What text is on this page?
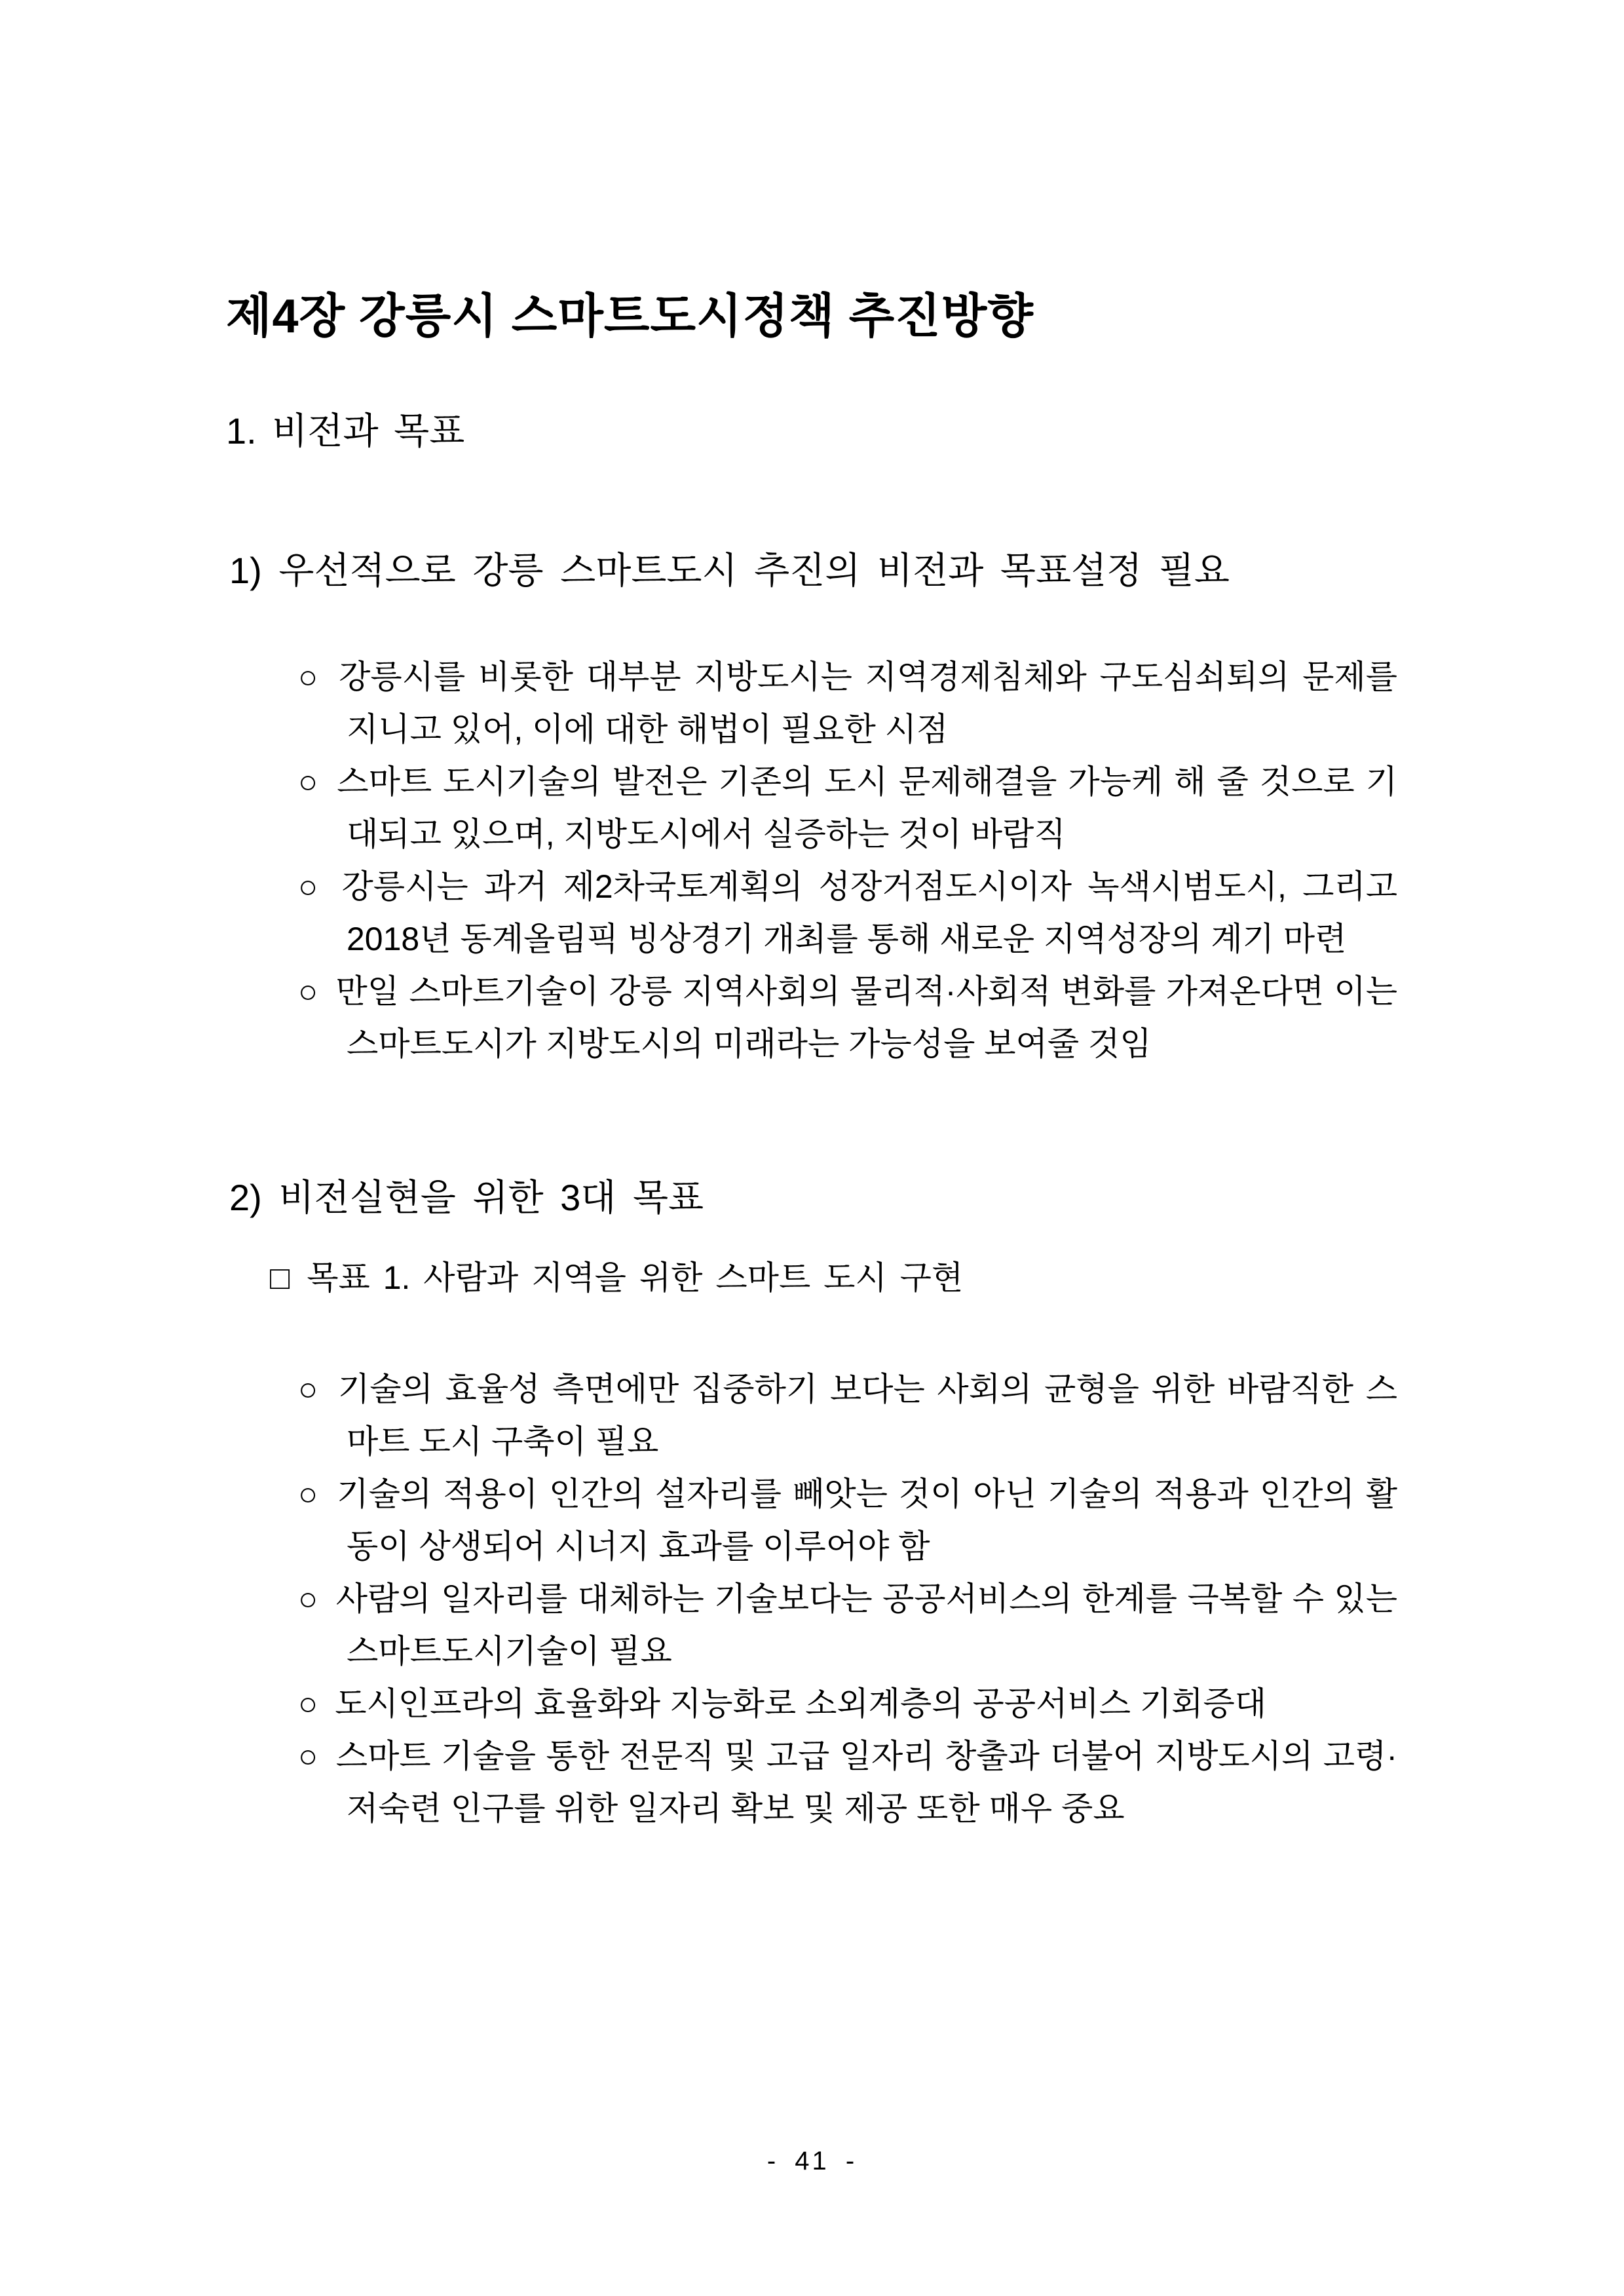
제4장 강릉시 스마트도시정책 추진방향
1. 비전과 목표
1) 우선적으로 강릉 스마트도시 추진의 비전과 목표설정 필요
○ 강릉시를 비롯한 대부분 지방도시는 지역경제침체와 구도심쇠퇴의 문제를 지니고 있어, 이에 대한 해법이 필요한 시점
○ 스마트 도시기술의 발전은 기존의 도시 문제해결을 가능케 해 줄 것으로 기대되고 있으며, 지방도시에서 실증하는 것이 바람직
○ 강릉시는 과거 제2차국토계획의 성장거점도시이자 녹색시범도시, 그리고 2018년 동계올림픽 빙상경기 개최를 통해 새로운 지역성장의 계기 마련
○ 만일 스마트기술이 강릉 지역사회의 물리적·사회적 변화를 가져온다면 이는 스마트도시가 지방도시의 미래라는 가능성을 보여줄 것임
2) 비전실현을 위한 3대 목표
□ 목표 1. 사람과 지역을 위한 스마트 도시 구현
○ 기술의 효율성 측면에만 집중하기 보다는 사회의 균형을 위한 바람직한 스마트 도시 구축이 필요
○ 기술의 적용이 인간의 설자리를 빼앗는 것이 아닌 기술의 적용과 인간의 활동이 상생되어 시너지 효과를 이루어야 함
○ 사람의 일자리를 대체하는 기술보다는 공공서비스의 한계를 극복할 수 있는 스마트도시기술이 필요
○ 도시인프라의 효율화와 지능화로 소외계층의 공공서비스 기회증대
○ 스마트 기술을 통한 전문직 및 고급 일자리 창출과 더불어 지방도시의 고령·저숙련 인구를 위한 일자리 확보 및 제공 또한 매우 중요
- 41 -
